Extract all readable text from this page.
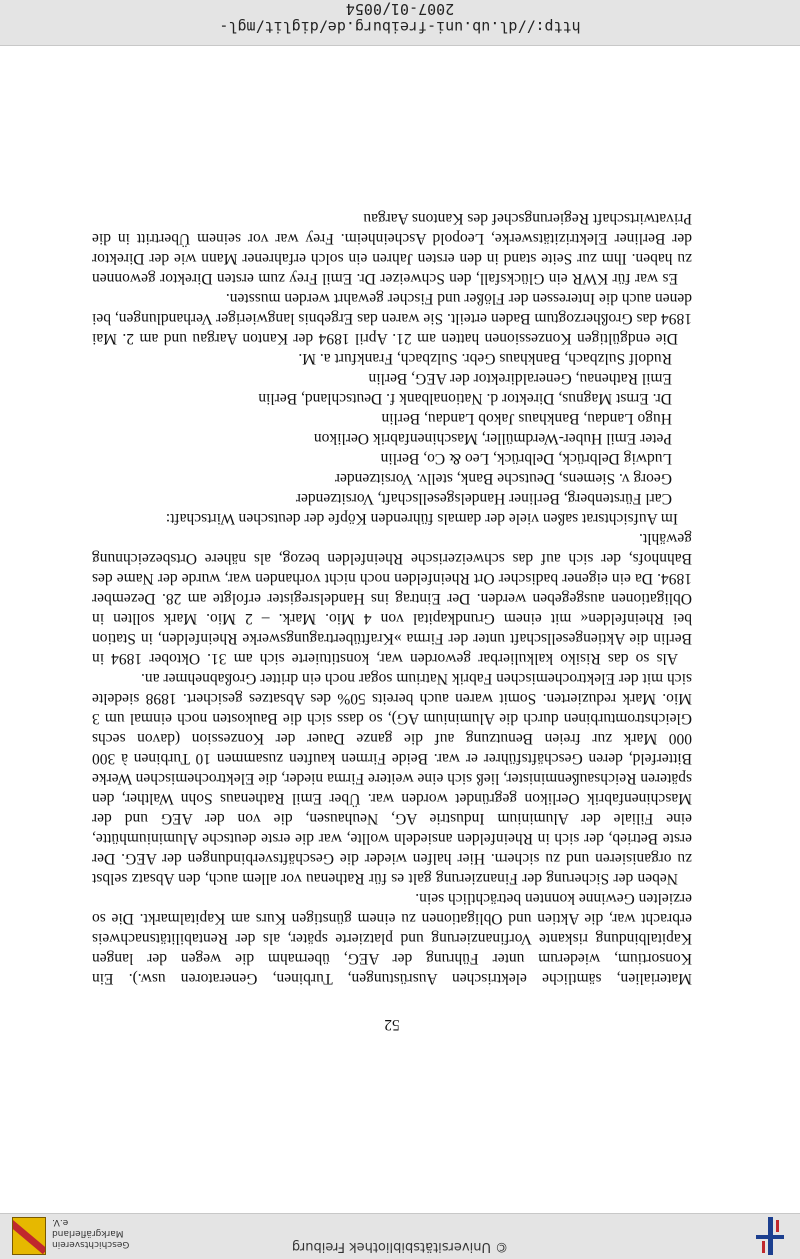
© Universitätsbibliothek Freiburg
Geschichtsverein
Markgräflerland e.V.
52
Materialien, sämtliche elektrischen Ausrüstungen, Turbinen, Generatoren usw.). Ein Konsortium, wiederum unter Führung der AEG, übernahm die wegen der langen Kapitalbindung riskante Vorfinanzierung und platzierte später, als der Rentabilitätsnachweis erbracht war, die Aktien und Obligationen zu einem günstigen Kurs am Kapitalmarkt. Die so erzielten Gewinne konnten beträchtlich sein.
Neben der Sicherung der Finanzierung galt es für Rathenau vor allem auch, den Absatz selbst zu organisieren und zu sichern. Hier halfen wieder die Geschäftsverbindungen der AEG. Der erste Betrieb, der sich in Rheinfelden ansiedeln wollte, war die erste deutsche Aluminiumhütte, eine Filiale der Aluminium Industrie AG, Neuhausen, die von der AEG und der Maschinenfabrik Oerlikon gegründet worden war. Über Emil Rathenaus Sohn Walther, den späteren Reichsaußenminister, ließ sich eine weitere Firma nieder, die Elektrochemischen Werke Bitterfeld, deren Geschäftsführer er war. Beide Firmen kauften zusammen 10 Turbinen à 300 000 Mark zur freien Benutzung auf die ganze Dauer der Konzession (davon sechs Gleichstromturbinen durch die Aluminium AG), so dass sich die Baukosten noch einmal um 3 Mio. Mark reduzierten. Somit waren auch bereits 50% des Absatzes gesichert. 1898 siedelte sich mit der Elektrochemischen Fabrik Natrium sogar noch ein dritter Großabnehmer an.
Als so das Risiko kalkulierbar geworden war, konstituierte sich am 31. Oktober 1894 in Berlin die Aktiengesellschaft unter der Firma »Kraftübertragungswerke Rheinfelden, in Station bei Rheinfelden« mit einem Grundkapital von 4 Mio. Mark. – 2 Mio. Mark sollten in Obligationen ausgegeben werden. Der Eintrag ins Handelsregister erfolgte am 28. Dezember 1894. Da ein eigener badischer Ort Rheinfelden noch nicht vorhanden war, wurde der Name des Bahnhofs, der sich auf das schweizerische Rheinfelden bezog, als nähere Ortsbezeichnung gewählt.
Im Aufsichtsrat saßen viele der damals führenden Köpfe der deutschen Wirtschaft:
Carl Fürstenberg, Berliner Handelsgesellschaft, Vorsitzender
Georg v. Siemens, Deutsche Bank, stellv. Vorsitzender
Ludwig Delbrück, Delbrück, Leo & Co, Berlin
Peter Emil Huber-Werdmüller, Maschinenfabrik Oerlikon
Hugo Landau, Bankhaus Jakob Landau, Berlin
Dr. Ernst Magnus, Direktor d. Nationalbank f. Deutschland, Berlin
Emil Rathenau, Generaldirektor der AEG, Berlin
Rudolf Sulzbach, Bankhaus Gebr. Sulzbach, Frankfurt a. M.
Die endgültigen Konzessionen hatten am 21. April 1894 der Kanton Aargau und am 2. Mai 1894 das Großherzogtum Baden erteilt. Sie waren das Ergebnis langwieriger Verhandlungen, bei denen auch die Interessen der Flößer und Fischer gewahrt werden mussten.
Es war für KWR ein Glücksfall, den Schweizer Dr. Emil Frey zum ersten Direktor gewonnen zu haben. Ihm zur Seite stand in den ersten Jahren ein solch erfahrener Mann wie der Direktor der Berliner Elektrizitätswerke, Leopold Ascheinheim. Frey war vor seinem Übertritt in die Privatwirtschaft Regierungschef des Kantons Aargau
http://dl.ub.uni-freiburg.de/diglit/mgl-2007-01/0054
